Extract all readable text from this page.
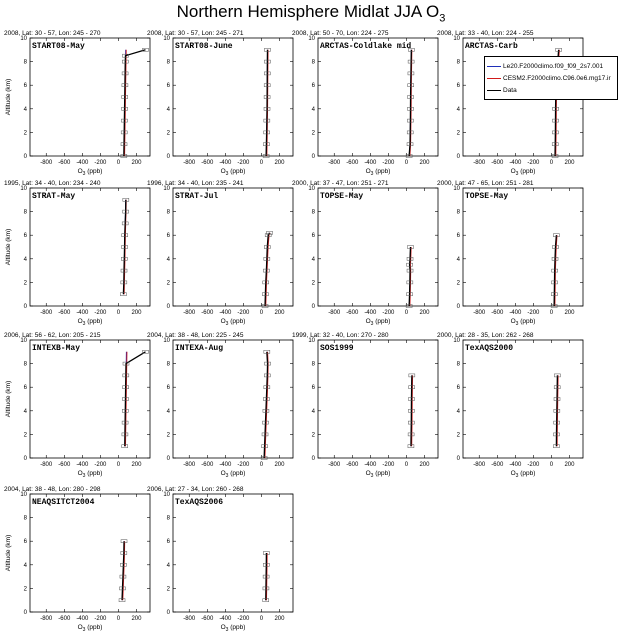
Northern Hemisphere Midlat JJA $O_3$
2008, Lat: 30 - 57, Lon: 245 - 270
0
2
4
6
8
10
-800 -600 -400 -200 0 200
Altitude (km)
$O_3$ (ppb)
START08-May
2008, Lat: 30 - 57, Lon: 245 - 271
0
2
4
6
8
10
-800 -600 -400 -200 0 200
$O_3$ (ppb)
START08-June
2008, Lat: 50 - 70, Lon: 224 - 275
0
2
4
6
8
10
-800 -600 -400 -200 0 200
$O_3$ (ppb)
ARCTAS-Coldlake mid
2008, Lat: 33 - 40, Lon: 224 - 255
0
2
4
6
8
10
-800 -600 -400 -200 0 200
$O_3$ (ppb)
ARCTAS-Carb
1995, Lat: 34 - 40, Lon: 234 - 240
0
2
4
6
8
10
-800 -600 -400 -200 0 200
Altitude (km)
$O_3$ (ppb)
STRAT-May
1996, Lat: 34 - 40, Lon: 235 - 241
0
2
4
6
8
10
-800 -600 -400 -200 0 200
$O_3$ (ppb)
STRAT-Jul
2000, Lat: 37 - 47, Lon: 251 - 271
0
2
4
6
8
10
-800 -600 -400 -200 0 200
$O_3$ (ppb)
TOPSE-May
2000, Lat: 47 - 65, Lon: 251 - 281
0
2
4
6
8
10
-800 -600 -400 -200 0 200
$O_3$ (ppb)
TOPSE-May
2006, Lat: 56 - 62, Lon: 205 - 215
0
2
4
6
8
10
-800 -600 -400 -200 0 200
Altitude (km)
$O_3$ (ppb)
INTEXB-May
2004, Lat: 38 - 48, Lon: 225 - 245
0
2
4
6
8
10
-800 -600 -400 -200 0 200
$O_3$ (ppb)
INTEXA-Aug
1999, Lat: 32 - 40, Lon: 270 - 280
0
2
4
6
8
10
-800 -600 -400 -200 0 200
$O_3$ (ppb)
SOS1999
2000, Lat: 28 - 35, Lon: 262 - 268
0
2
4
6
8
10
-800 -600 -400 -200 0 200
$O_3$ (ppb)
TexAQS2000
2004, Lat: 38 - 48, Lon: 280 - 298
0
2
4
6
8
10
-800 -600 -400 -200 0 200
Altitude (km)
$O_3$ (ppb)
NEAQSITCT2004
2006, Lat: 27 - 34, Lon: 260 - 268
0
2
4
6
8
10
-800 -600 -400 -200 0 200
$O_3$ (ppb)
TexAQS2006
Le20.F2000climo.f09_f09_2s7.001
CESM2.F2000climo.C96.0e6.mg17.ir
Data
